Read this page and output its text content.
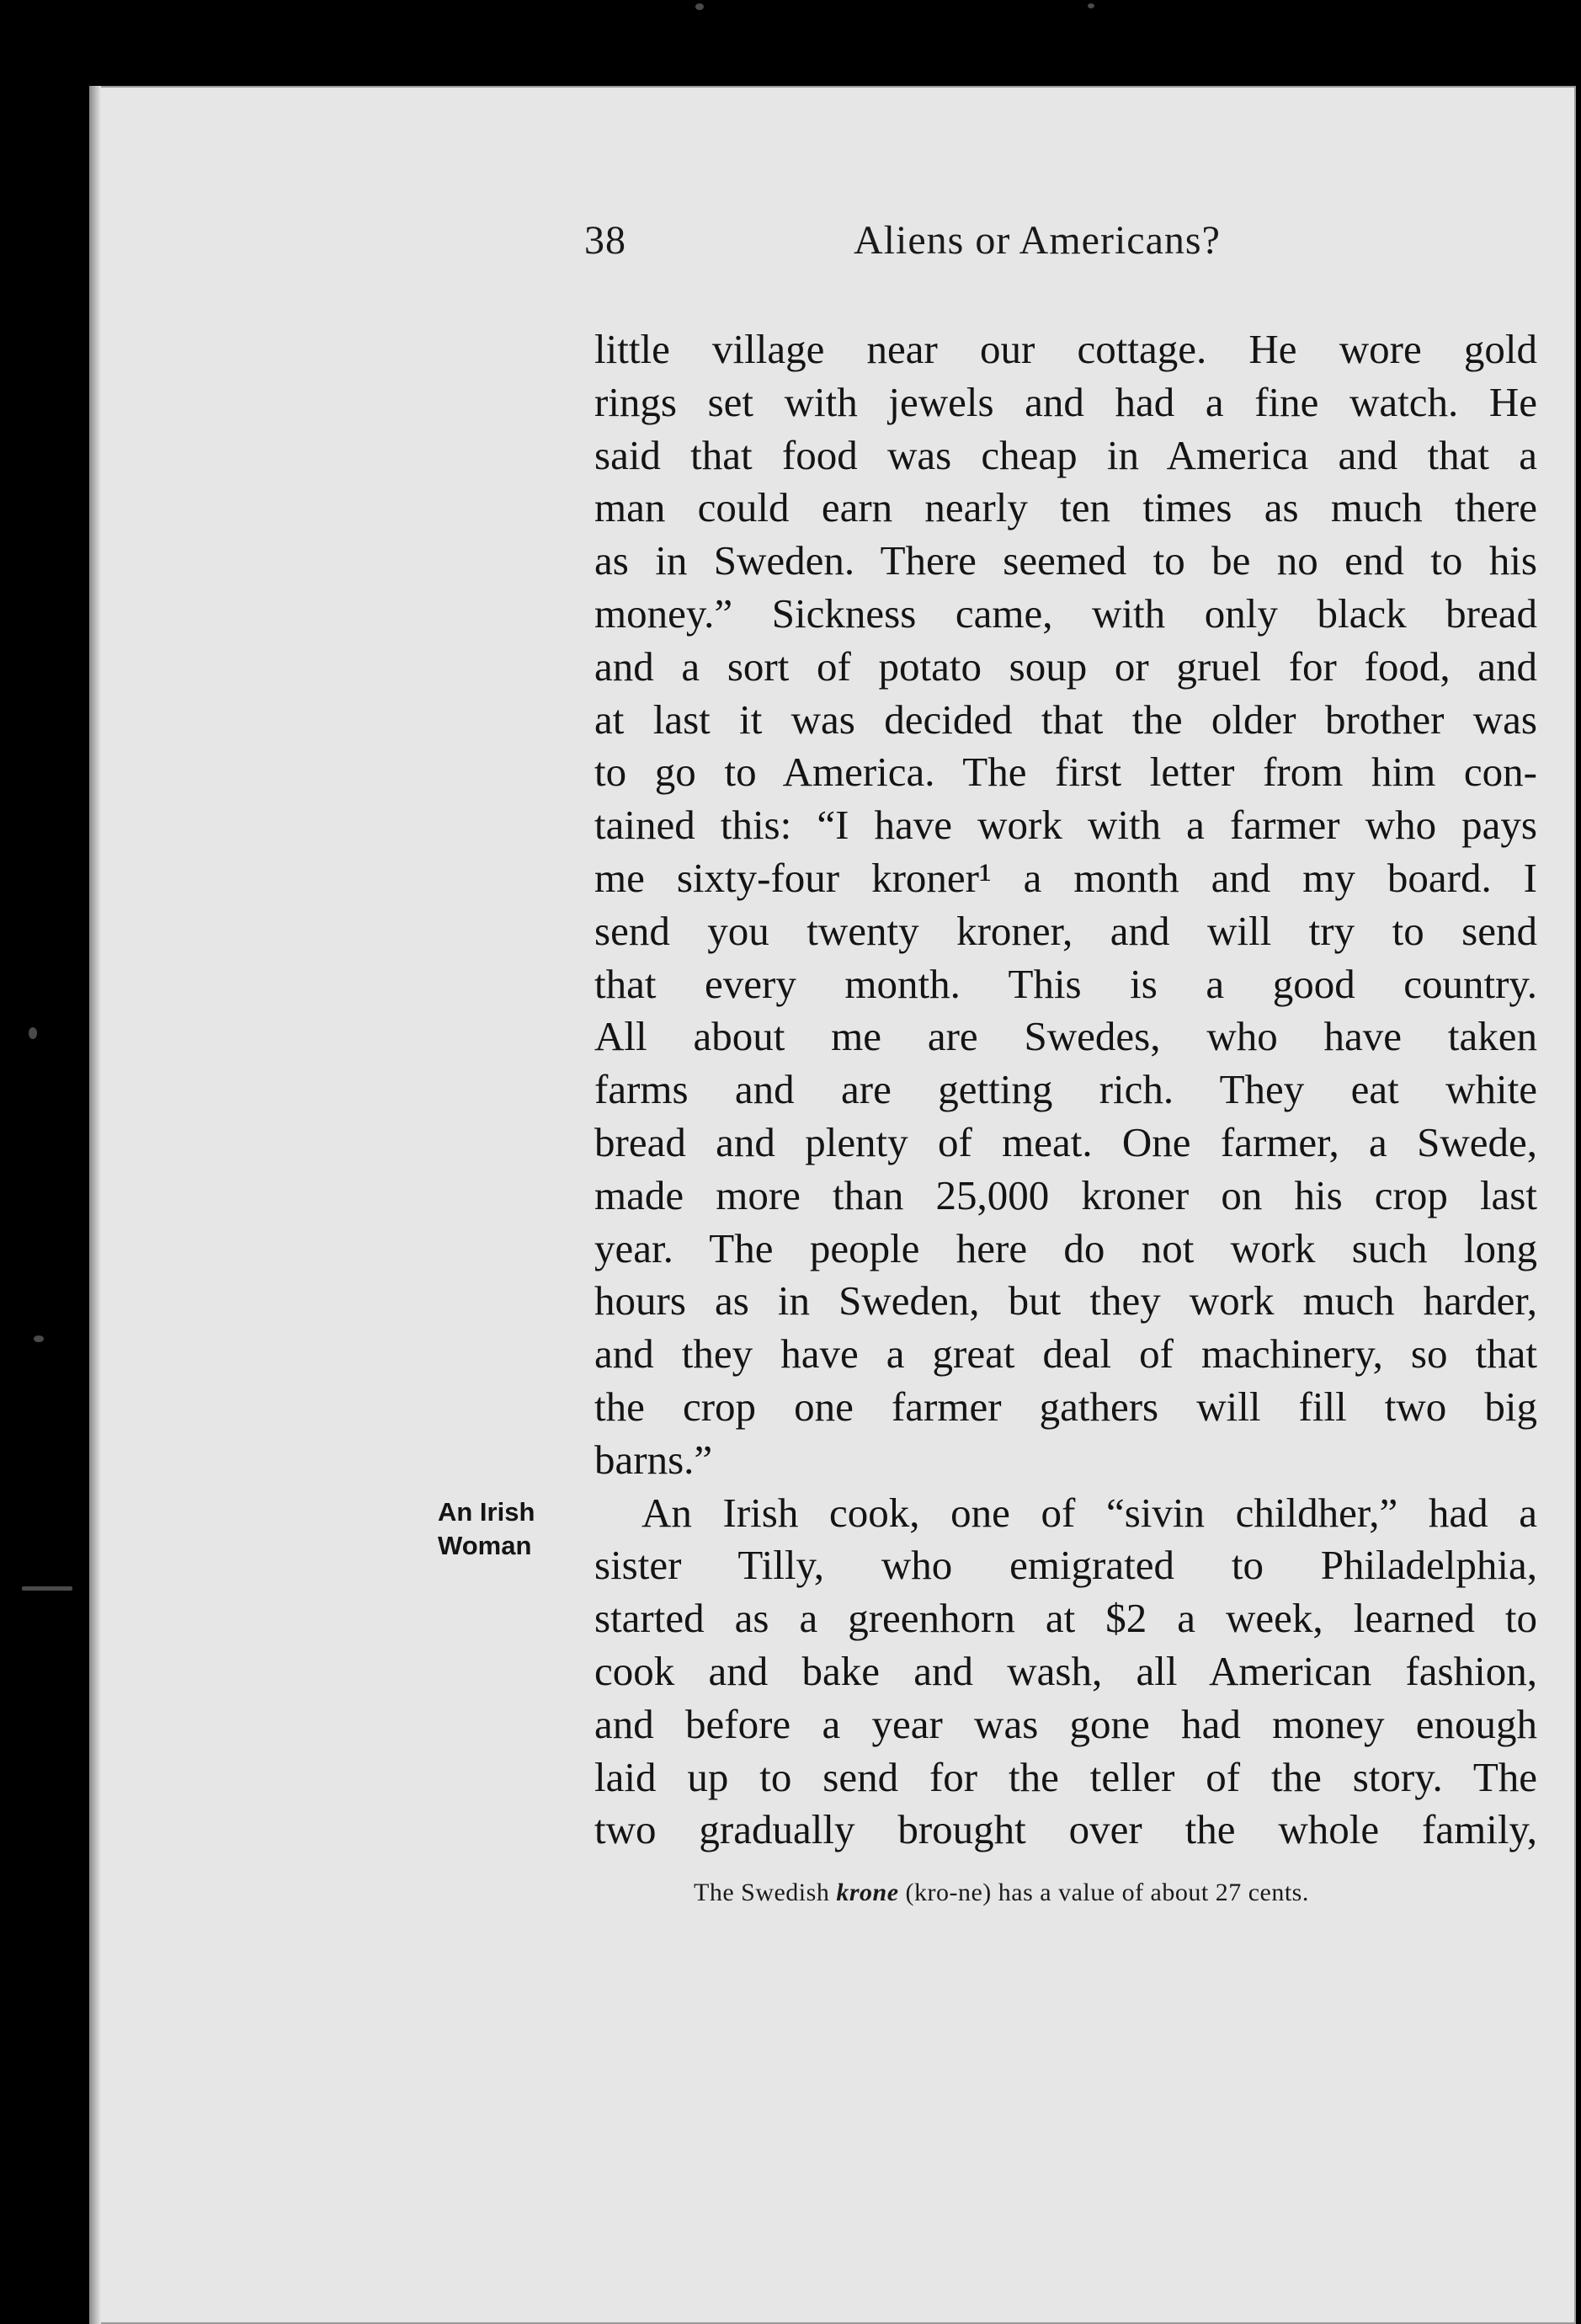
38	Aliens or Americans?
An Irish
Woman
little village near our cottage. He wore gold
rings set with jewels and had a fine watch. He
said that food was cheap in America and that a
man could earn nearly ten times as much there
as in Sweden. There seemed to be no end to his
money.” Sickness came, with only black bread
and a sort of potato soup or gruel for food, and
at last it was decided that the older brother was
to go to America. The first letter from him con-
tained this: “I have work with a farmer who pays
me sixty-four kroner¹ a month and my board. I
send you twenty kroner, and will try to send
that every month. This is a good country.
All about me are Swedes, who have taken
farms and are getting rich. They eat white
bread and plenty of meat. One farmer, a Swede,
made more than 25,000 kroner on his crop last
year. The people here do not work such long
hours as in Sweden, but they work much harder,
and they have a great deal of machinery, so that
the crop one farmer gathers will fill two big
barns.”
An Irish cook, one of “sivin childher,” had a
sister Tilly, who emigrated to Philadelphia,
started as a greenhorn at $2 a week, learned to
cook and bake and wash, all American fashion,
and before a year was gone had money enough
laid up to send for the teller of the story. The
two gradually brought over the whole family,
The Swedish krone (kro-ne) has a value of about 27 cents.
